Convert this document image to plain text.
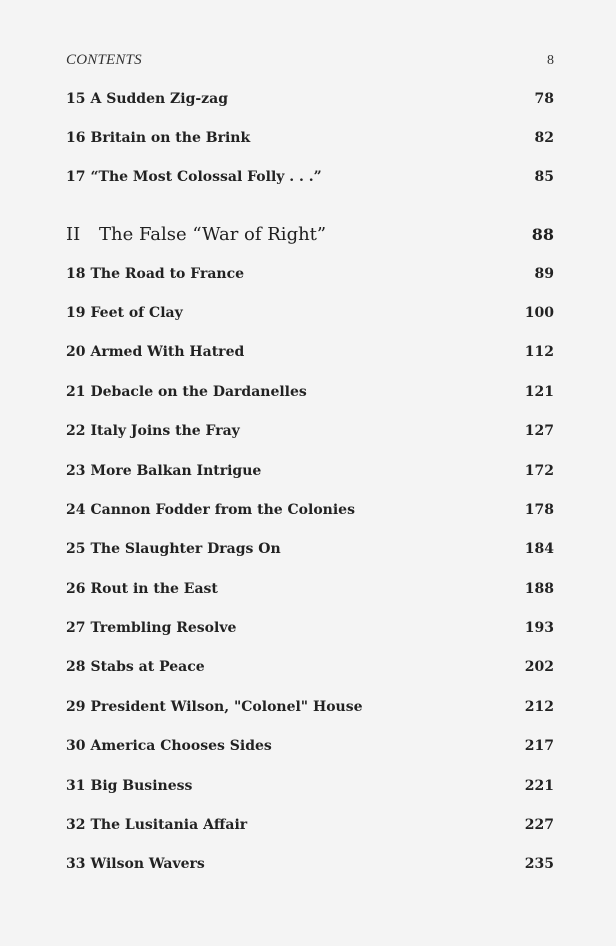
CONTENTS	8
15 A Sudden Zig-zag	78
16 Britain on the Brink	82
17 “The Most Colossal Folly . . .”	85
II The False “War of Right”	88
18 The Road to France	89
19 Feet of Clay	100
20 Armed With Hatred	112
21 Debacle on the Dardanelles	121
22 Italy Joins the Fray	127
23 More Balkan Intrigue	172
24 Cannon Fodder from the Colonies	178
25 The Slaughter Drags On	184
26 Rout in the East	188
27 Trembling Resolve	193
28 Stabs at Peace	202
29 President Wilson, "Colonel" House	212
30 America Chooses Sides	217
31 Big Business	221
32 The Lusitania Affair	227
33 Wilson Wavers	235
